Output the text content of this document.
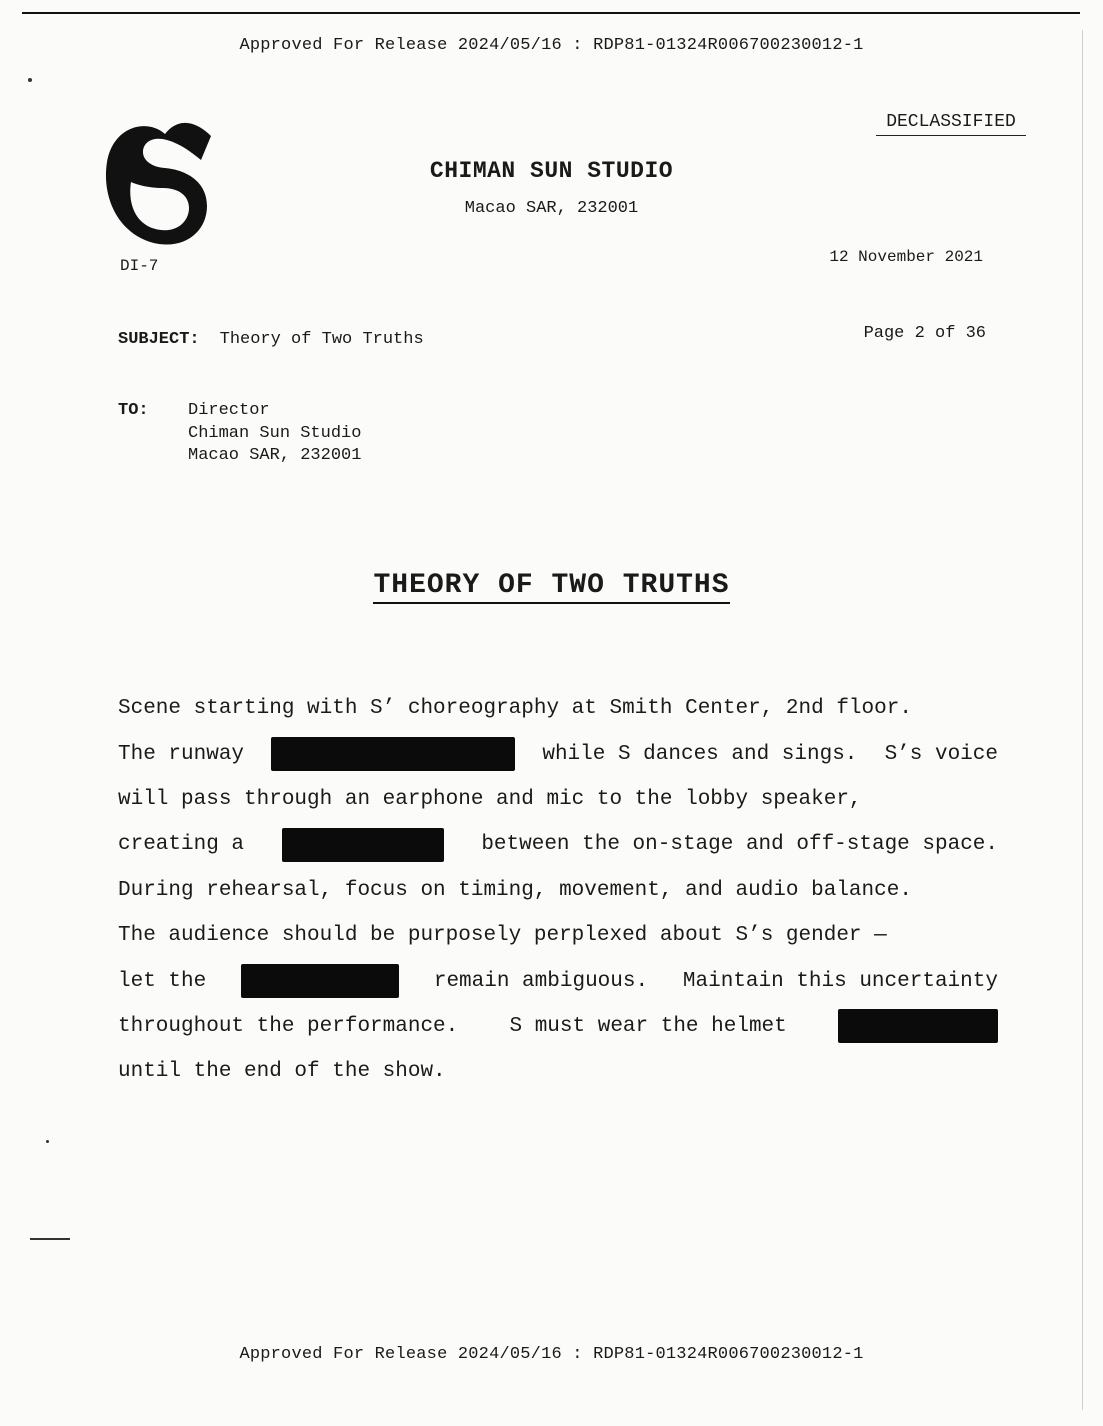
Approved For Release 2024/05/16 : RDP81-01324R006700230012-1
DECLASSIFIED
DI-7
CHIMAN SUN STUDIO
Macao SAR, 232001
12 November 2021
SUBJECT: Theory of Two Truths	Page 2 of 36
TO: Director
Chiman Sun Studio
Macao SAR, 232001
THEORY OF TWO TRUTHS
Scene starting with S’ choreography at Smith Center, 2nd floor.
The runway	while S dances and sings. S’s voice
will pass through an earphone and mic to the lobby speaker,
creating a	between the on-stage and off-stage space.
During rehearsal, focus on timing, movement, and audio balance.
The audience should be purposely perplexed about S’s gender —
let the	remain ambiguous. Maintain this uncertainty
throughout the performance. S must wear the helmet
until the end of the show.
Approved For Release 2024/05/16 : RDP81-01324R006700230012-1
